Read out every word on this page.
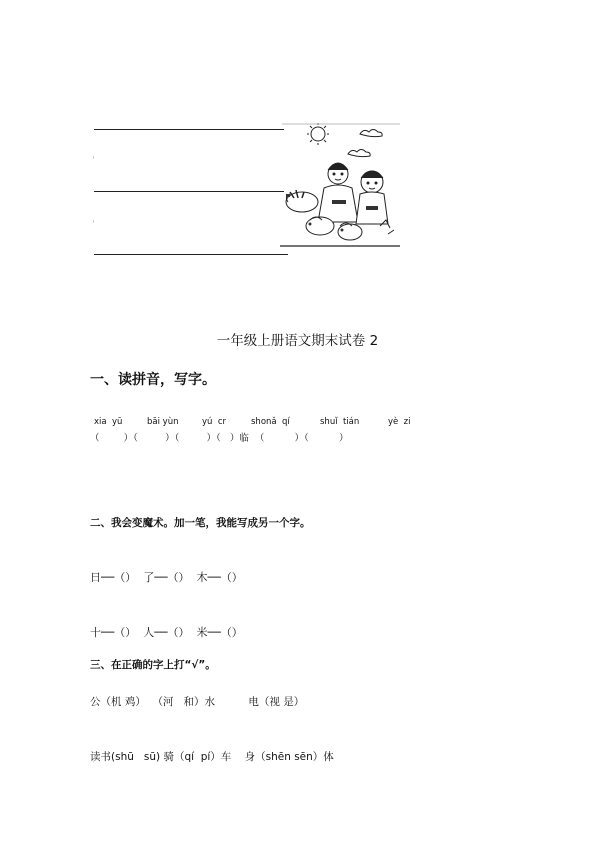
ʼ
ʼ
一年级上册语文期末试卷 2
一、读拼音，写字。
xia  yū	bāi yùn	yú  cr	shonǎ  qí	shuǐ  tián	yè  zi
（        ）（         ）（         ）（   ）临  （          ）（          ）
二、我会变魔术。加一笔，我能写成另一个字。
日──（）  了──（）  木──（）
十──（）  人──（）  米──（）
三、在正确的字上打“√”。
公（机 鸡）  （河   和）水          电（视 是）
读书(shū   sū) 骑（qí  pí）车    身（shēn sēn）体
